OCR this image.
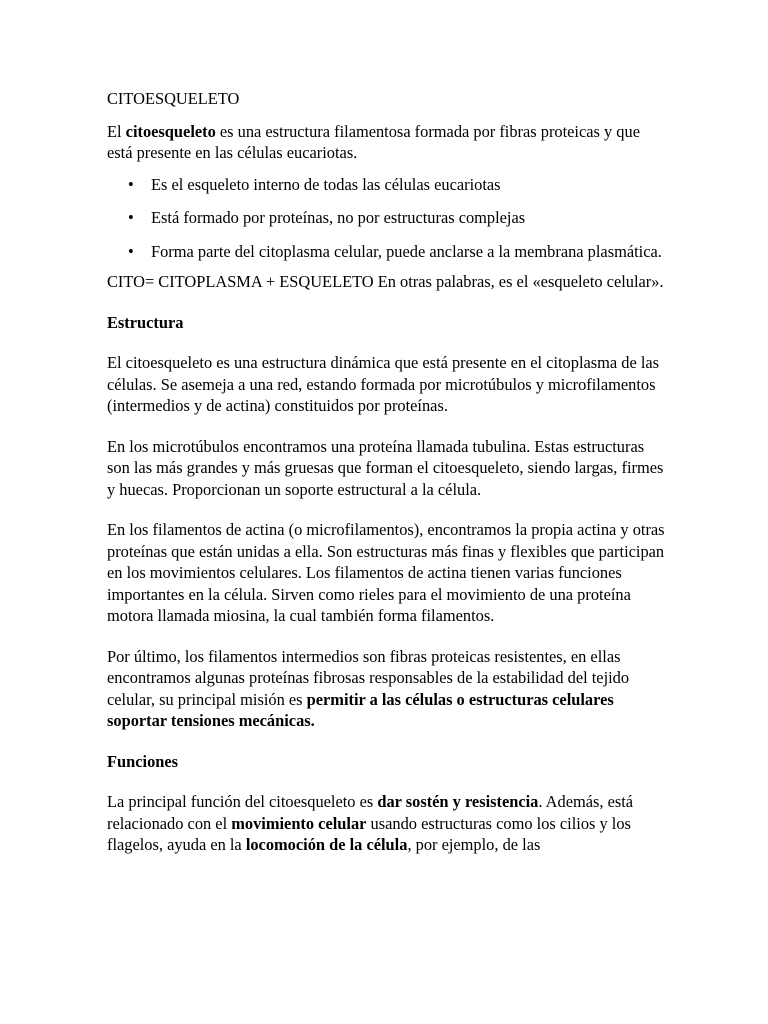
CITOESQUELETO

El citoesqueleto es una estructura filamentosa formada por fibras proteicas y que está presente en las células eucariotas.

• Es el esqueleto interno de todas las células eucariotas
• Está formado por proteínas, no por estructuras complejas
• Forma parte del citoplasma celular, puede anclarse a la membrana plasmática.

CITO= CITOPLASMA + ESQUELETO En otras palabras, es el «esqueleto celular».

Estructura

El citoesqueleto es una estructura dinámica que está presente en el citoplasma de las células. Se asemeja a una red, estando formada por microtúbulos y microfilamentos (intermedios y de actina) constituidos por proteínas.

En los microtúbulos encontramos una proteína llamada tubulina. Estas estructuras son las más grandes y más gruesas que forman el citoesqueleto, siendo largas, firmes y huecas. Proporcionan un soporte estructural a la célula.

En los filamentos de actina (o microfilamentos), encontramos la propia actina y otras proteínas que están unidas a ella. Son estructuras más finas y flexibles que participan en los movimientos celulares. Los filamentos de actina tienen varias funciones importantes en la célula. Sirven como rieles para el movimiento de una proteína motora llamada miosina, la cual también forma filamentos.

Por último, los filamentos intermedios son fibras proteicas resistentes, en ellas encontramos algunas proteínas fibrosas responsables de la estabilidad del tejido celular, su principal misión es permitir a las células o estructuras celulares soportar tensiones mecánicas.

Funciones

La principal función del citoesqueleto es dar sostén y resistencia. Además, está relacionado con el movimiento celular usando estructuras como los cilios y los flagelos, ayuda en la locomoción de la célula, por ejemplo, de las
